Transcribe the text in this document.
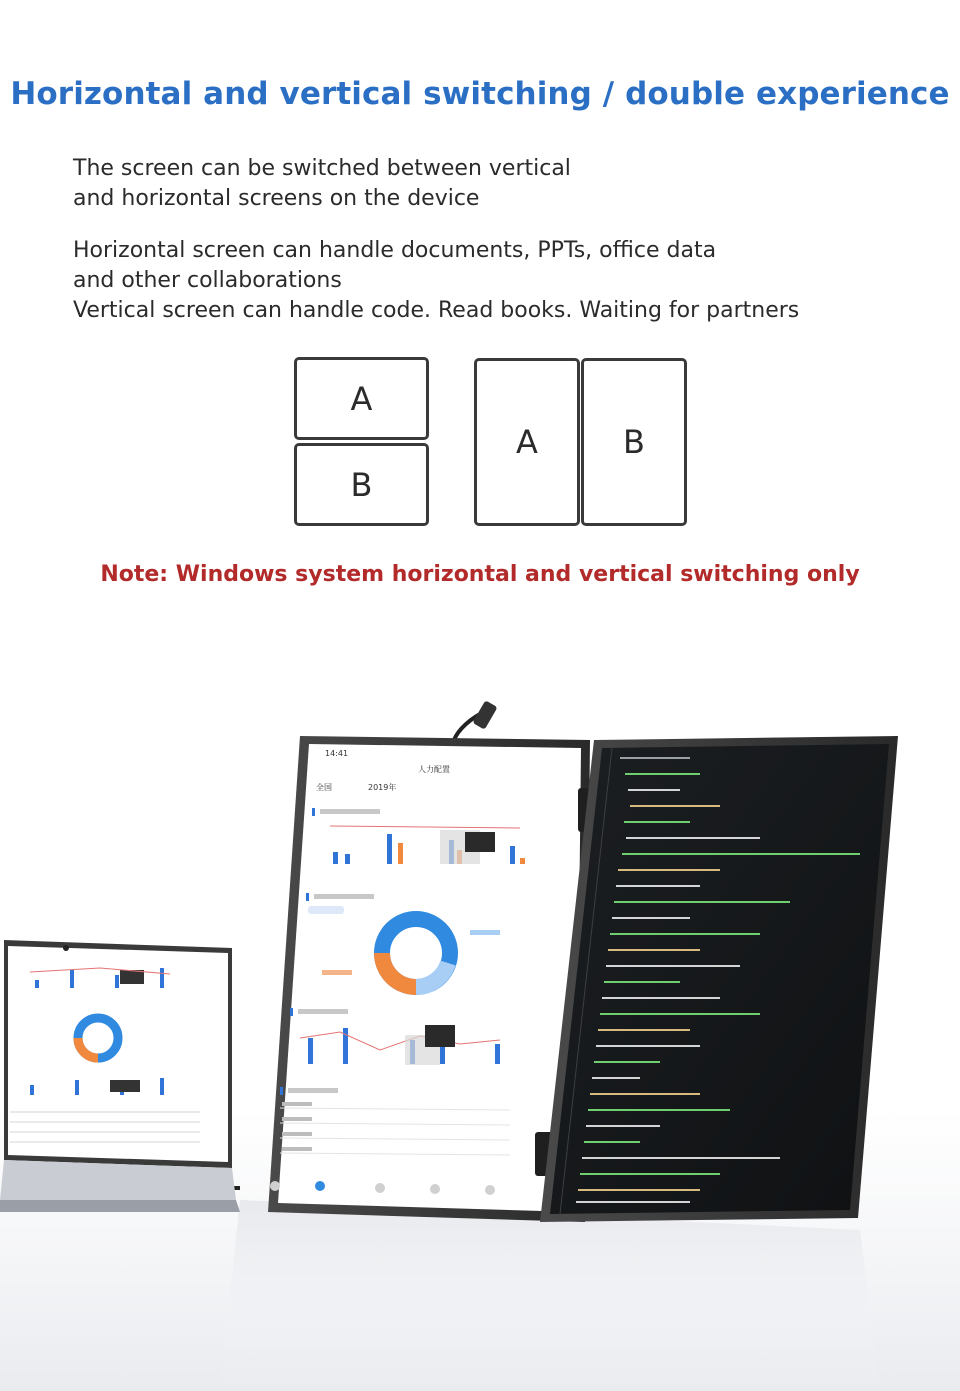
Horizontal and vertical switching / double experience
The screen can be switched between vertical
and horizontal screens on the device
Horizontal screen can handle documents, PPTs, office data
and other collaborations
Vertical screen can handle code. Read books. Waiting for partners
A
B
A	B
Note: Windows system horizontal and vertical switching only
14:41
人力配置
全国	2019年
